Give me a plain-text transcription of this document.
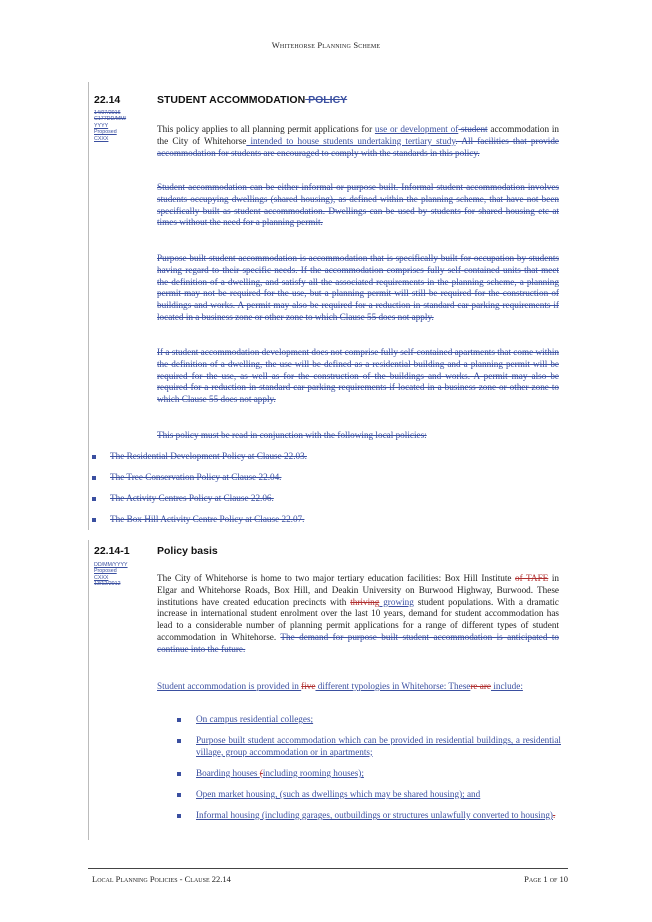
Whitehorse Planning Scheme
22.14	STUDENT ACCOMMODATION POLICY
14/07/2016
C177DD/MM/
YYYY
Proposed
CXXX
This policy applies to all planning permit applications for use or development of student accommodation in the City of Whitehorse intended to house students undertaking tertiary study. All facilities that provide accommodation for students are encouraged to comply with the standards in this policy.
Student accommodation can be either informal or purpose built. Informal student accommodation involves students occupying dwellings (shared housing), as defined within the planning scheme, that have not been specifically built as student accommodation. Dwellings can be used by students for shared housing etc at times without the need for a planning permit.
Purpose built student accommodation is accommodation that is specifically built for occupation by students having regard to their specific needs. If the accommodation comprises fully self-contained units that meet the definition of a dwelling, and satisfy all the associated requirements in the planning scheme, a planning permit may not be required for the use, but a planning permit will still be required for the construction of buildings and works. A permit may also be required for a reduction in standard car parking requirements if located in a business zone or other zone to which Clause 55 does not apply.
If a student accommodation development does not comprise fully self-contained apartments that come within the definition of a dwelling, the use will be defined as a residential building and a planning permit will be required for the use, as well as for the construction of the buildings and works. A permit may also be required for a reduction in standard car parking requirements if located in a business zone or other zone to which Clause 55 does not apply.
This policy must be read in conjunction with the following local policies:
The Residential Development Policy at Clause 22.03.
The Tree Conservation Policy at Clause 22.04.
The Activity Centres Policy at Clause 22.06.
The Box Hill Activity Centre Policy at Clause 22.07.
22.14-1	Policy basis
DD/MM/YYYY
Proposed
CXXX
13/12/2012
The City of Whitehorse is home to two major tertiary education facilities: Box Hill Institute of TAFE in Elgar and Whitehorse Roads, Box Hill, and Deakin University on Burwood Highway, Burwood. These institutions have created education precincts with thriving growing student populations. With a dramatic increase in international student enrolment over the last 10 years, demand for student accommodation has lead to a considerable number of planning permit applications for a range of different types of student accommodation in Whitehorse. The demand for purpose built student accommodation is anticipated to continue into the future.
Student accommodation is provided in five different typologies in Whitehorse: Thesere are include:
On campus residential colleges;
Purpose built student accommodation which can be provided in residential buildings, a residential village, group accommodation or in apartments;
Boarding houses (including rooming houses);
Open market housing, (such as dwellings which may be shared housing); and
Informal housing (including garages, outbuildings or structures unlawfully converted to housing).
Local Planning Policies - Clause 22.14	Page 1 of 10
